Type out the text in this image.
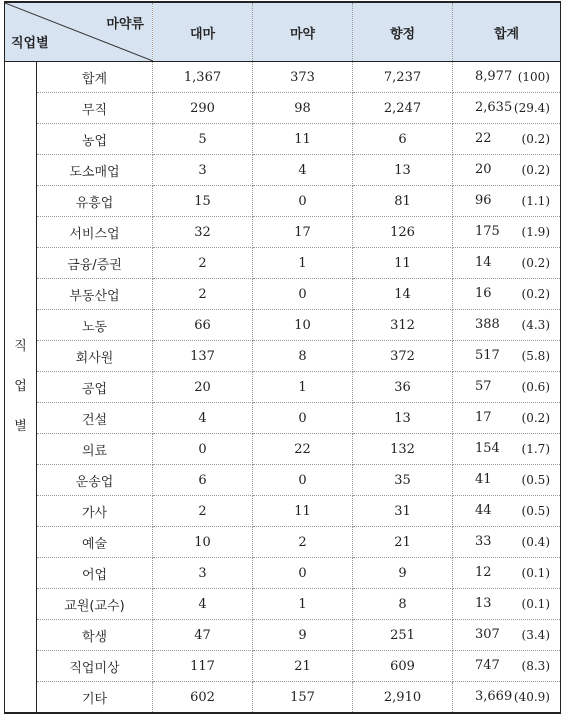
마약류
직업별		대마	마약	향정	합계

직
업
별	합계	1,367	373	7,237	8,977 (100)

	무직	290	98	2,247	2,635 (29.4)

	농업	5	11	6	22 (0.2)

	도소매업	3	4	13	20 (0.2)

	유흥업	15	0	81	96 (1.1)

	서비스업	32	17	126	175 (1.9)

	금융/증권	2	1	11	14 (0.2)

	부동산업	2	0	14	16 (0.2)

	노동	66	10	312	388 (4.3)

	회사원	137	8	372	517 (5.8)

	공업	20	1	36	57 (0.6)

	건설	4	0	13	17 (0.2)

	의료	0	22	132	154 (1.7)

	운송업	6	0	35	41 (0.5)

	가사	2	11	31	44 (0.5)

	예술	10	2	21	33 (0.4)

	어업	3	0	9	12 (0.1)

	교원(교수)	4	1	8	13 (0.1)

	학생	47	9	251	307 (3.4)

	직업미상	117	21	609	747 (8.3)

	기타	602	157	2,910	3,669 (40.9)
